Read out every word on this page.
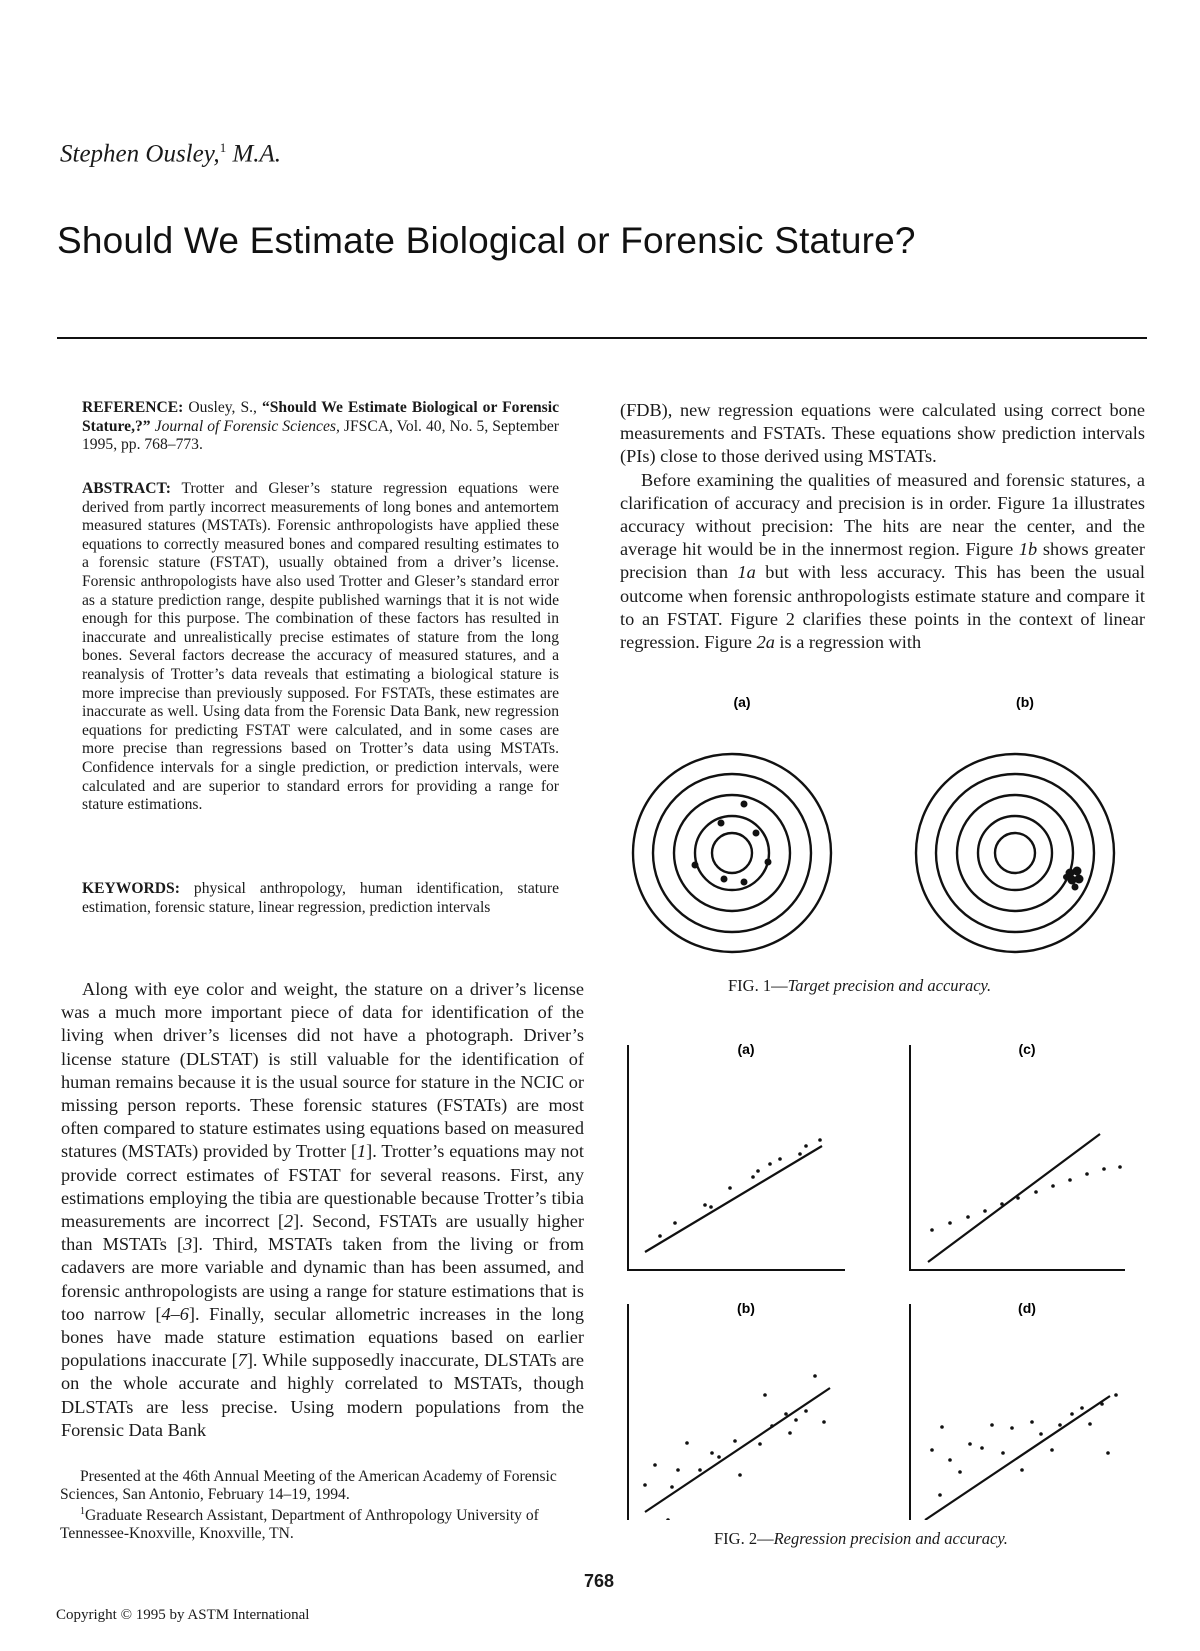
Stephen Ousley,$^1$ M.A.
Should We Estimate Biological or Forensic Stature?
REFERENCE: Ousley, S., “Should We Estimate Biological or Forensic Stature,?” Journal of Forensic Sciences, JFSCA, Vol. 40, No. 5, September 1995, pp. 768–773.
ABSTRACT: Trotter and Gleser’s stature regression equations were derived from partly incorrect measurements of long bones and antemortem measured statures (MSTATs). Forensic anthropologists have applied these equations to correctly measured bones and compared resulting estimates to a forensic stature (FSTAT), usually obtained from a driver’s license. Forensic anthropologists have also used Trotter and Gleser’s standard error as a stature prediction range, despite published warnings that it is not wide enough for this purpose. The combination of these factors has resulted in inaccurate and unrealistically precise estimates of stature from the long bones. Several factors decrease the accuracy of measured statures, and a reanalysis of Trotter’s data reveals that estimating a biological stature is more imprecise than previously supposed. For FSTATs, these estimates are inaccurate as well. Using data from the Forensic Data Bank, new regression equations for predicting FSTAT were calculated, and in some cases are more precise than regressions based on Trotter’s data using MSTATs. Confidence intervals for a single prediction, or prediction intervals, were calculated and are superior to standard errors for providing a range for stature estimations.
KEYWORDS: physical anthropology, human identification, stature estimation, forensic stature, linear regression, prediction intervals

Along with eye color and weight, the stature on a driver’s license was a much more important piece of data for identification of the living when driver’s licenses did not have a photograph. Driver’s license stature (DLSTAT) is still valuable for the identification of human remains because it is the usual source for stature in the NCIC or missing person reports. These forensic statures (FSTATs) are most often compared to stature estimates using equations based on measured statures (MSTATs) provided by Trotter [1]. Trotter’s equations may not provide correct estimates of FSTAT for several reasons. First, any estimations employing the tibia are questionable because Trotter’s tibia measurements are incorrect [2]. Second, FSTATs are usually higher than MSTATs [3]. Third, MSTATs taken from the living or from cadavers are more variable and dynamic than has been assumed, and forensic anthropologists are using a range for stature estimations that is too narrow [4–6]. Finally, secular allometric increases in the long bones have made stature estimation equations based on earlier populations inaccurate [7]. While supposedly inaccurate, DLSTATs are on the whole accurate and highly correlated to MSTATs, though DLSTATs are less precise. Using modern populations from the Forensic Data Bank

Presented at the 46th Annual Meeting of the American Academy of Forensic Sciences, San Antonio, February 14–19, 1994.

$^1$Graduate Research Assistant, Department of Anthropology University of Tennessee-Knoxville, Knoxville, TN.

(FDB), new regression equations were calculated using correct bone measurements and FSTATs. These equations show prediction intervals (PIs) close to those derived using MSTATs.

Before examining the qualities of measured and forensic statures, a clarification of accuracy and precision is in order. Figure 1a illustrates accuracy without precision: The hits are near the center, and the average hit would be in the innermost region. Figure 1b shows greater precision than 1a but with less accuracy. This has been the usual outcome when forensic anthropologists estimate stature and compare it to an FSTAT. Figure 2 clarifies these points in the context of linear regression. Figure 2a is a regression with

(a)	(b)
FIG. 1—Target precision and accuracy.
(a)	(c)
(b)	(d)
FIG. 2—Regression precision and accuracy.
768
Copyright © 1995 by ASTM International
